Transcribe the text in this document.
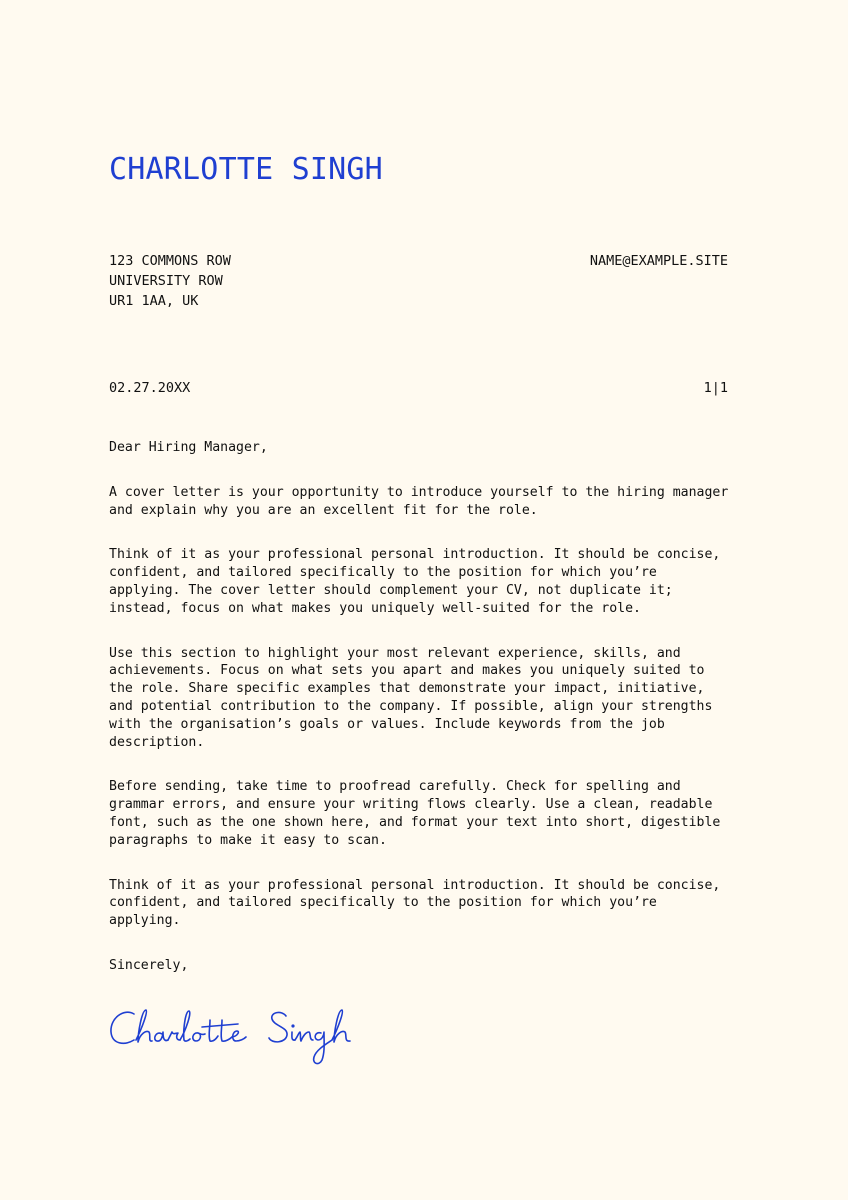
CHARLOTTE SINGH
123 COMMONS ROW
UNIVERSITY ROW
UR1 1AA, UK
NAME@EXAMPLE.SITE
02.27.20XX	1|1

Dear Hiring Manager,

A cover letter is your opportunity to introduce yourself to the hiring manager and explain why you are an excellent fit for the role.

Think of it as your professional personal introduction. It should be concise, confident, and tailored specifically to the position for which you’re applying. The cover letter should complement your CV, not duplicate it; instead, focus on what makes you uniquely well-suited for the role.

Use this section to highlight your most relevant experience, skills, and achievements. Focus on what sets you apart and makes you uniquely suited to the role. Share specific examples that demonstrate your impact, initiative, and potential contribution to the company. If possible, align your strengths with the organisation’s goals or values. Include keywords from the job description.

Before sending, take time to proofread carefully. Check for spelling and grammar errors, and ensure your writing flows clearly. Use a clean, readable font, such as the one shown here, and format your text into short, digestible paragraphs to make it easy to scan.

Think of it as your professional personal introduction. It should be concise, confident, and tailored specifically to the position for which you’re applying.

Sincerely,
